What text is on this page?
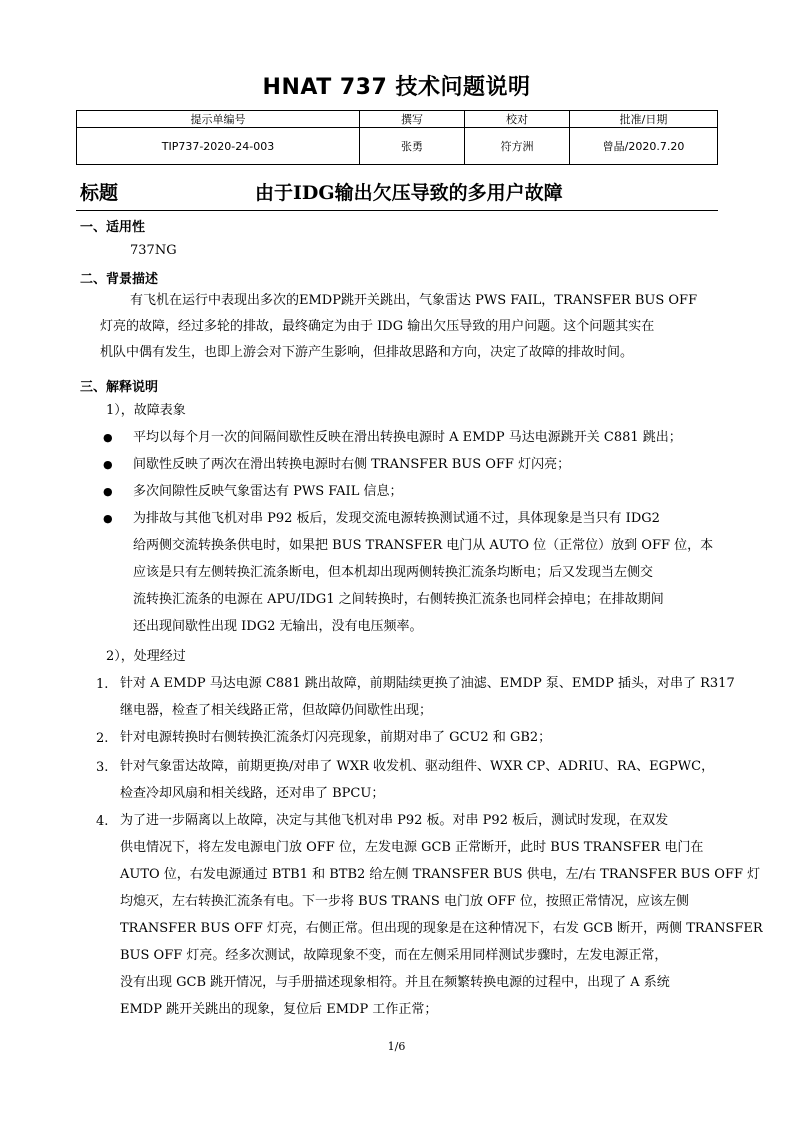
HNAT 737 技术问题说明
提示单编号	撰写	校对	批准/日期
TIP737-2020-24-003	张勇	符方洲	曾晶/2020.7.20
标题	由于IDG输出欠压导致的多用户故障
一、适用性
737NG
二、背景描述
有飞机在运行中表现出多次的EMDP跳开关跳出，气象雷达 PWS FAIL，TRANSFER BUS OFF
灯亮的故障，经过多轮的排故，最终确定为由于 IDG 输出欠压导致的用户问题。这个问题其实在
机队中偶有发生，也即上游会对下游产生影响，但排故思路和方向，决定了故障的排故时间。
三、解释说明
1），故障表象
● 平均以每个月一次的间隔间歇性反映在滑出转换电源时 A EMDP 马达电源跳开关 C881 跳出；
● 间歇性反映了两次在滑出转换电源时右侧 TRANSFER BUS OFF 灯闪亮；
● 多次间隙性反映气象雷达有 PWS FAIL 信息；
● 为排故与其他飞机对串 P92 板后，发现交流电源转换测试通不过，具体现象是当只有 IDG2
给两侧交流转换条供电时，如果把 BUS TRANSFER 电门从 AUTO 位（正常位）放到 OFF 位，本
应该是只有左侧转换汇流条断电，但本机却出现两侧转换汇流条均断电；后又发现当左侧交
流转换汇流条的电源在 APU/IDG1 之间转换时，右侧转换汇流条也同样会掉电；在排故期间
还出现间歇性出现 IDG2 无输出，没有电压频率。
2），处理经过
1. 针对 A EMDP 马达电源 C881 跳出故障，前期陆续更换了油滤、EMDP 泵、EMDP 插头，对串了 R317
继电器，检查了相关线路正常，但故障仍间歇性出现；
2. 针对电源转换时右侧转换汇流条灯闪亮现象，前期对串了 GCU2 和 GB2；
3. 针对气象雷达故障，前期更换/对串了 WXR 收发机、驱动组件、WXR CP、ADRIU、RA、EGPWC，
检查冷却风扇和相关线路，还对串了 BPCU；
4. 为了进一步隔离以上故障，决定与其他飞机对串 P92 板。对串 P92 板后，测试时发现，在双发
供电情况下，将左发电源电门放 OFF 位，左发电源 GCB 正常断开，此时 BUS TRANSFER 电门在
AUTO 位，右发电源通过 BTB1 和 BTB2 给左侧 TRANSFER BUS 供电，左/右 TRANSFER BUS OFF 灯
均熄灭，左右转换汇流条有电。下一步将 BUS TRANS 电门放 OFF 位，按照正常情况，应该左侧
TRANSFER BUS OFF 灯亮，右侧正常。但出现的现象是在这种情况下，右发 GCB 断开，两侧 TRANSFER
BUS OFF 灯亮。经多次测试，故障现象不变，而在左侧采用同样测试步骤时，左发电源正常，
没有出现 GCB 跳开情况，与手册描述现象相符。并且在频繁转换电源的过程中，出现了 A 系统
EMDP 跳开关跳出的现象，复位后 EMDP 工作正常；
1/6
